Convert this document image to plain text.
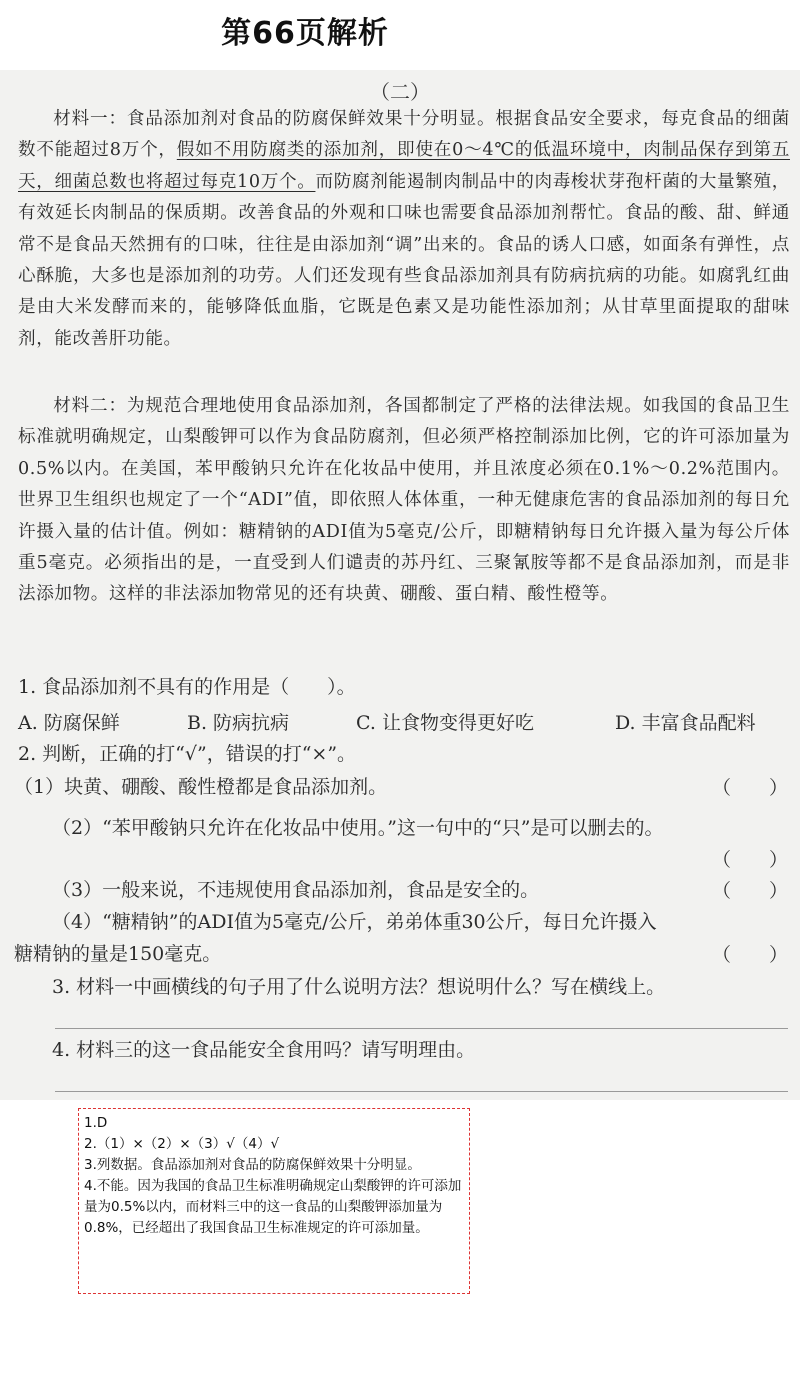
第66页解析
（二）
材料一：食品添加剂对食品的防腐保鲜效果十分明显。根据食品安全要求，每克食品的细菌数不能超过8万个，假如不用防腐类的添加剂，即使在0～4℃的低温环境中，肉制品保存到第五天，细菌总数也将超过每克10万个。而防腐剂能遏制肉制品中的肉毒梭状芽孢杆菌的大量繁殖，有效延长肉制品的保质期。改善食品的外观和口味也需要食品添加剂帮忙。食品的酸、甜、鲜通常不是食品天然拥有的口味，往往是由添加剂“调”出来的。食品的诱人口感，如面条有弹性，点心酥脆，大多也是添加剂的功劳。人们还发现有些食品添加剂具有防病抗病的功能。如腐乳红曲是由大米发酵而来的，能够降低血脂，它既是色素又是功能性添加剂；从甘草里面提取的甜味剂，能改善肝功能。
材料二：为规范合理地使用食品添加剂，各国都制定了严格的法律法规。如我国的食品卫生标准就明确规定，山梨酸钾可以作为食品防腐剂，但必须严格控制添加比例，它的许可添加量为0.5%以内。在美国，苯甲酸钠只允许在化妆品中使用，并且浓度必须在0.1%～0.2%范围内。世界卫生组织也规定了一个“ADI”值，即依照人体体重，一种无健康危害的食品添加剂的每日允许摄入量的估计值。例如：糖精钠的ADI值为5毫克/公斤，即糖精钠每日允许摄入量为每公斤体重5毫克。必须指出的是，一直受到人们谴责的苏丹红、三聚氰胺等都不是食品添加剂，而是非法添加物。这样的非法添加物常见的还有块黄、硼酸、蛋白精、酸性橙等。
1. 食品添加剂不具有的作用是（　　）。
A. 防腐保鲜	B. 防病抗病	C. 让食物变得更好吃	D. 丰富食品配料
2. 判断，正确的打“√”，错误的打“×”。
（1）块黄、硼酸、酸性橙都是食品添加剂。	（　　）
（2）“苯甲酸钠只允许在化妆品中使用。”这一句中的“只”是可以删去的。
（　　）
（3）一般来说，不违规使用食品添加剂，食品是安全的。	（　　）
（4）“糖精钠”的ADI值为5毫克/公斤，弟弟体重30公斤，每日允许摄入
糖精钠的量是150毫克。	（　　）
3. 材料一中画横线的句子用了什么说明方法？想说明什么？写在横线上。
4. 材料三的这一食品能安全食用吗？请写明理由。

1.D

2.（1）×（2）×（3）√（4）√

3.列数据。食品添加剂对食品的防腐保鲜效果十分明显。

4.不能。因为我国的食品卫生标准明确规定山梨酸钾的许可添加量为0.5%以内，而材料三中的这一食品的山梨酸钾添加量为0.8%，已经超出了我国食品卫生标准规定的许可添加量。
